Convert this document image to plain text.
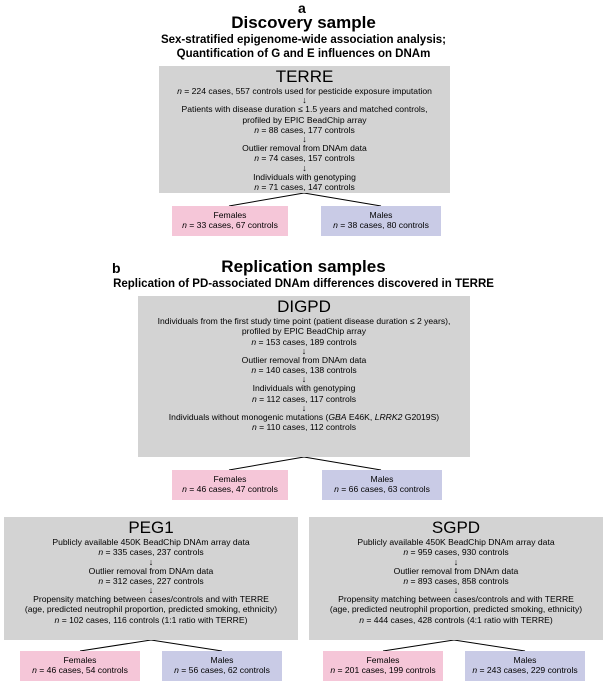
a
Discovery sample
Sex-stratified epigenome-wide association analysis;
Quantification of G and E influences on DNAm
TERRE
n = 224 cases, 557 controls used for pesticide exposure imputation
↓
Patients with disease duration ≤ 1.5 years and matched controls,
profiled by EPIC BeadChip array
n = 88 cases, 177 controls
↓
Outlier removal from DNAm data
n = 74 cases, 157 controls
↓
Individuals with genotyping
n = 71 cases, 147 controls
Females
n = 33 cases, 67 controls
Males
n = 38 cases, 80 controls
b	Replication samples
Replication of PD-associated DNAm differences discovered in TERRE
DIGPD
Individuals from the first study time point (patient disease duration ≤ 2 years),
profiled by EPIC BeadChip array
n = 153 cases, 189 controls
↓
Outlier removal from DNAm data
n = 140 cases, 138 controls
↓
Individuals with genotyping
n = 112 cases, 117 controls
↓
Individuals without monogenic mutations (GBA E46K, LRRK2 G2019S)
n = 110 cases, 112 controls
Females
n = 46 cases, 47 controls
Males
n = 66 cases, 63 controls
PEG1
Publicly available 450K BeadChip DNAm array data
n = 335 cases, 237 controls
↓
Outlier removal from DNAm data
n = 312 cases, 227 controls
↓
Propensity matching between cases/controls and with TERRE
(age, predicted neutrophil proportion, predicted smoking, ethnicity)
n = 102 cases, 116 controls (1:1 ratio with TERRE)
Females
n = 46 cases, 54 controls
Males
n = 56 cases, 62 controls
SGPD
Publicly available 450K BeadChip DNAm array data
n = 959 cases, 930 controls
↓
Outlier removal from DNAm data
n = 893 cases, 858 controls
↓
Propensity matching between cases/controls and with TERRE
(age, predicted neutrophil proportion, predicted smoking, ethnicity)
n = 444 cases, 428 controls (4:1 ratio with TERRE)
Females
n = 201 cases, 199 controls
Males
n = 243 cases, 229 controls
